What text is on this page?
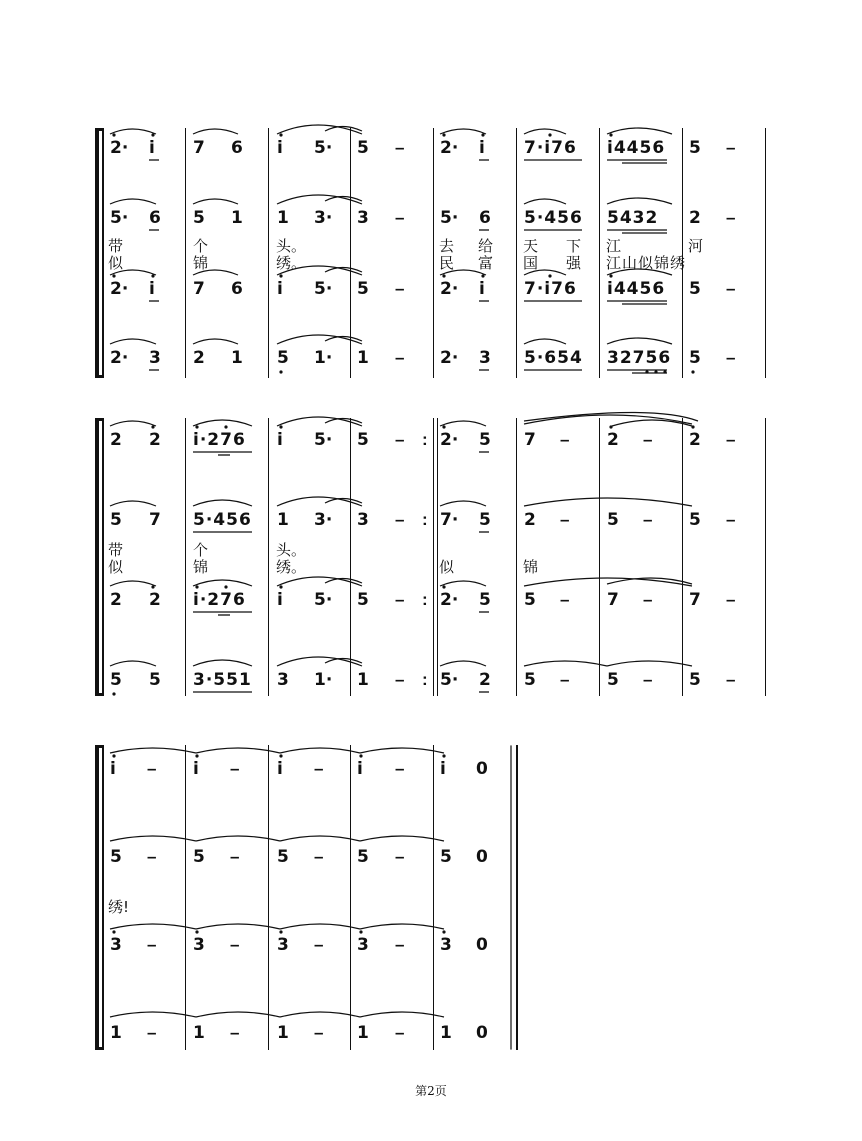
2· i 7 6 i 5· 5 – 2· i 7·i76 i4456 5 –
5· 6 5 1 1 3· 3 – 5· 6 5·456 5432 2 –
带	个	头。	去 给 天 下 江	河
似	锦	绣。	民 富 国 强 江山似锦绣
2· i 7 6 i 5· 5 – 2· i 7·i76 i4456 5 –
2· 3 2 1 5 1· 1 – 2· 3 5·654 32756 5 –
2 2 i·276 i 5· 5 – : 2· 5 7 – 2 – 2 –
5 7 5·456 1 3· 3 – : 7· 5 2 – 5 – 5 –
带	个	头。
似	锦	绣。	似	锦
2 2 i·276 i 5· 5 – : 2· 5 5 – 7 – 7 –
5 5 3·551 3 1· 1 – : 5· 2 5 – 5 – 5 –
i – i – i – i – i 0
5 – 5 – 5 – 5 – 5 0
绣!
3 – 3 – 3 – 3 – 3 0
1 – 1 – 1 – 1 – 1 0
第2页
